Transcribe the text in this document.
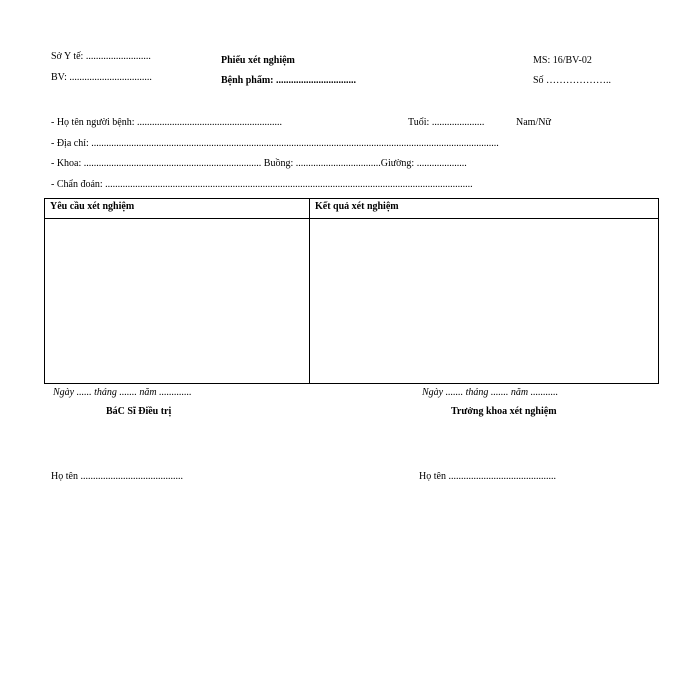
Sở Y tế: ..........................
BV: .................................
Phiếu xét nghiệm
Bệnh phẩm: ................................
MS: 16/BV-02
Số ………………..
- Họ tên người bệnh: ..........................................................	Tuổi: .....................	Nam/Nữ
- Địa chỉ: ...................................................................................................................................................................
- Khoa: ....................................................................... Buồng: ..................................Giường: ....................
- Chẩn đoán: ...................................................................................................................................................
Yêu cầu xét nghiệm	Kết quả xét nghiệm
Ngày ...... tháng ....... năm .............
BáC Sĩ Điều trị
Họ tên .........................................
Ngày ....... tháng ....... năm ...........
Trưởng khoa xét nghiệm
Họ tên ...........................................
